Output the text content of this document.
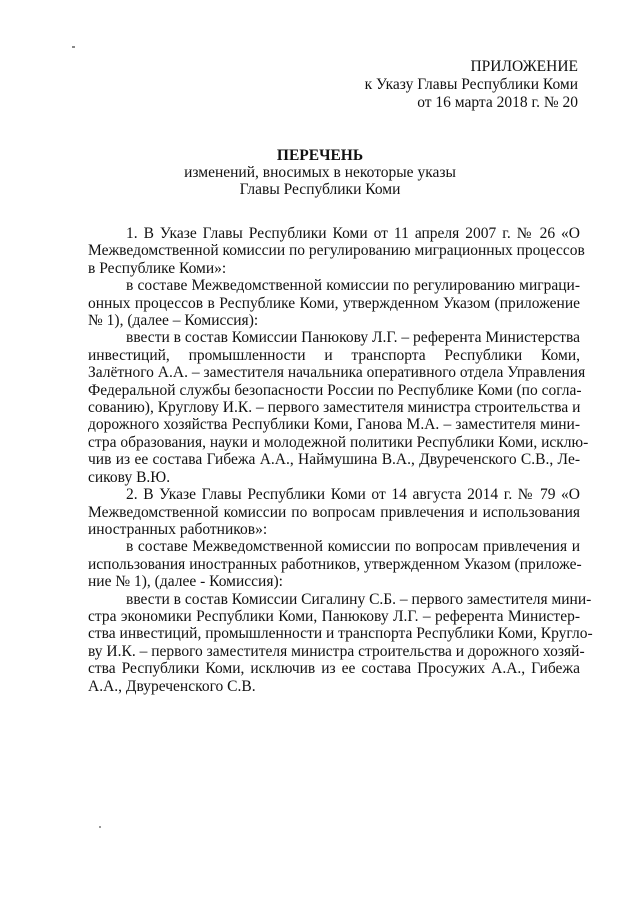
ПРИЛОЖЕНИЕ
к Указу Главы Республики Коми
от 16 марта 2018 г. № 20
ПЕРЕЧЕНЬ
изменений, вносимых в некоторые указы
Главы Республики Коми
1. В Указе Главы Республики Коми от 11 апреля 2007 г. № 26 «О
Межведомственной комиссии по регулированию миграционных процессов
в Республике Коми»:
в составе Межведомственной комиссии по регулированию миграци-
онных процессов в Республике Коми, утвержденном Указом (приложение
№ 1), (далее – Комиссия):
ввести в состав Комиссии Панюкову Л.Г. – референта Министерства
инвестиций, промышленности и транспорта Республики Коми,
Залётного А.А. – заместителя начальника оперативного отдела Управления
Федеральной службы безопасности России по Республике Коми (по согла-
сованию), Круглову И.К. – первого заместителя министра строительства и
дорожного хозяйства Республики Коми, Ганова М.А. – заместителя мини-
стра образования, науки и молодежной политики Республики Коми, исклю-
чив из ее состава Гибежа А.А., Наймушина В.А., Двуреченского С.В., Ле-
сикову В.Ю.
2. В Указе Главы Республики Коми от 14 августа 2014 г. № 79 «О
Межведомственной комиссии по вопросам привлечения и использования
иностранных работников»:
в составе Межведомственной комиссии по вопросам привлечения и
использования иностранных работников, утвержденном Указом (приложе-
ние № 1), (далее - Комиссия):
ввести в состав Комиссии Сигалину С.Б. – первого заместителя мини-
стра экономики Республики Коми, Панюкову Л.Г. – референта Министер-
ства инвестиций, промышленности и транспорта Республики Коми, Кругло-
ву И.К. – первого заместителя министра строительства и дорожного хозяй-
ства Республики Коми, исключив из ее состава Просужих А.А., Гибежа
А.А., Двуреченского С.В.
